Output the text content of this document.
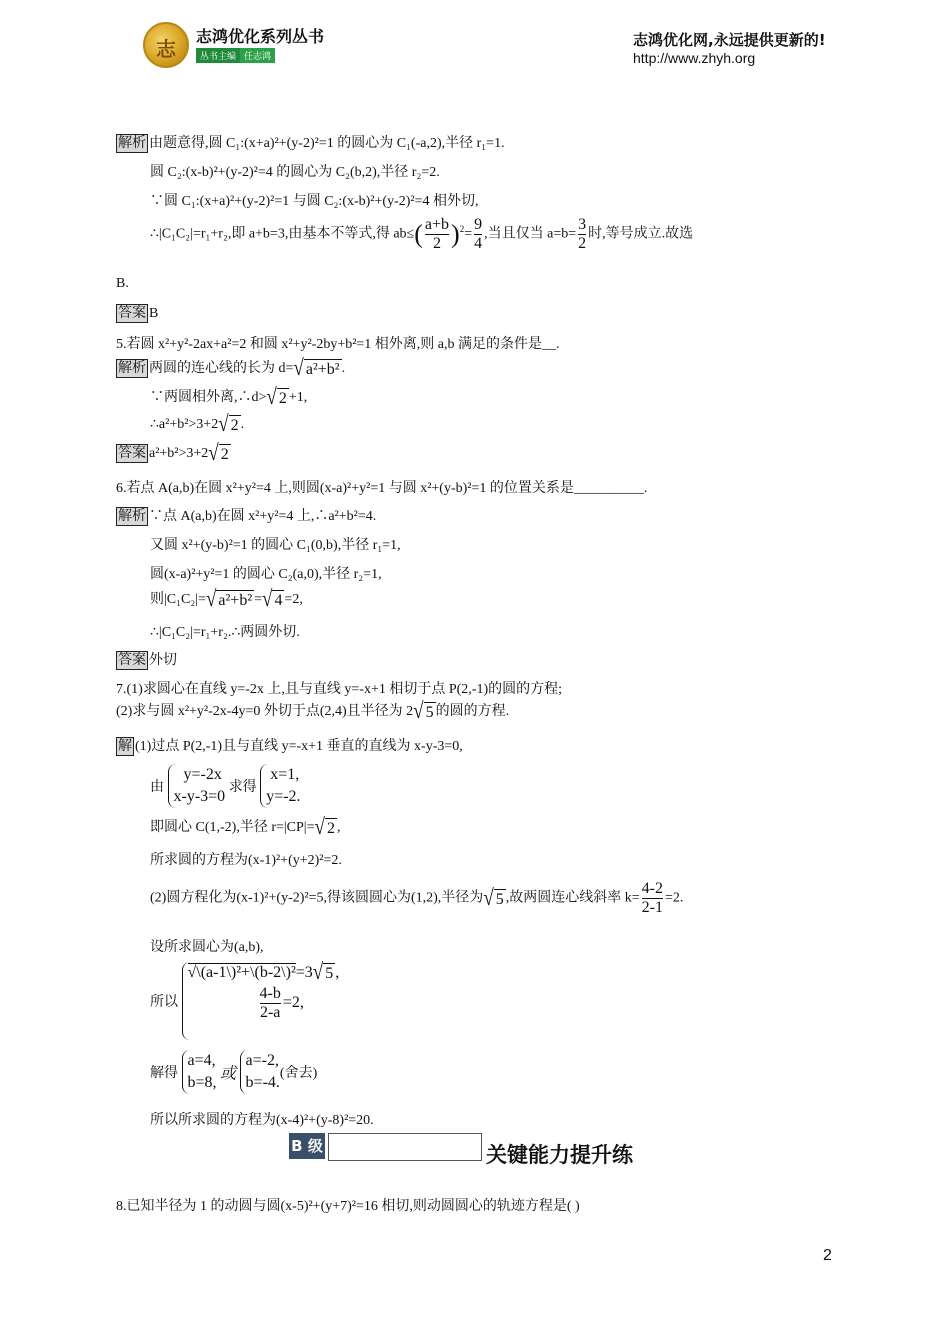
志
志鸿优化系列丛书
丛书主编 任志鸿
志鸿优化网,永远提供更新的!
http://www.zhyh.org
解析 由题意得,圆 C₁:(x+a)²+(y-2)²=1 的圆心为 C₁(-a,2),半径 r₁=1.
圆 C₂:(x-b)²+(y-2)²=4 的圆心为 C₂(b,2),半径 r₂=2.
∵圆 C₁:(x+a)²+(y-2)²=1 与圆 C₂:(x-b)²+(y-2)²=4 相外切,
∴|C₁C₂|=r₁+r₂,即 a+b=3,由基本不等式,得 $ab\le( \frac{a+b}{2} )^2= \frac{9}{4}$ ,当且仅当 $a=b= \frac{3}{2}$ 时,等号成立.故选
B.
答案 B
5.若圆 x²+y²-2ax+a²=2 和圆 x²+y²-2by+b²=1 相外离,则 a,b 满足的条件是__.
解析 两圆的连心线的长为 d=√ a²+b² .
∵两圆相外离,∴d>√ 2 +1,
∴a²+b²>3+2√ 2 .
答案 a²+b²>3+2√ 2
6.若点 A(a,b)在圆 x²+y²=4 上,则圆(x-a)²+y²=1 与圆 x²+(y-b)²=1 的位置关系是__________.
解析 ∵点 A(a,b)在圆 x²+y²=4 上,∴a²+b²=4.
又圆 x²+(y-b)²=1 的圆心 C₁(0,b),半径 r₁=1,
圆(x-a)²+y²=1 的圆心 C₂(a,0),半径 r₂=1,
则|C₁C₂|=√ a²+b² =√ 4 =2,
∴|C₁C₂|=r₁+r₂.∴两圆外切.
答案 外切
7.(1)求圆心在直线 y=-2x 上,且与直线 y=-x+1 相切于点 P(2,-1)的圆的方程;
(2)求与圆 x²+y²-2x-4y=0 外切于点(2,4)且半径为 2√ 5 的圆的方程.
解 (1)过点 P(2,-1)且与直线 y=-x+1 垂直的直线为 x-y-3=0,
由
y=-2x
x-y-3=0
求得
x=1,
y=-2.
即圆心 C(1,-2),半径 r=|CP|=√ 2 ,
所求圆的方程为(x-1)²+(y+2)²=2.
(2)圆方程化为(x-1)²+(y-2)²=5,得该圆圆心为(1,2),半径为√ 5 ,故两圆连心线斜率 $k= \frac{4-2}{2-1} =2$.
设所求圆心为(a,b),
所以
√\(a-1\)²+\(b-2\)²=3√ 5 ,
$\frac{4-b}{2-a} =2$,
解得
a=4,
b=8, 或
a=-2,
b=-4.
(舍去)
所以所求圆的方程为(x-4)²+(y-8)²=20.
B 级	关键能力提升练
8.已知半径为 1 的动圆与圆(x-5)²+(y+7)²=16 相切,则动圆圆心的轨迹方程是( )
2
